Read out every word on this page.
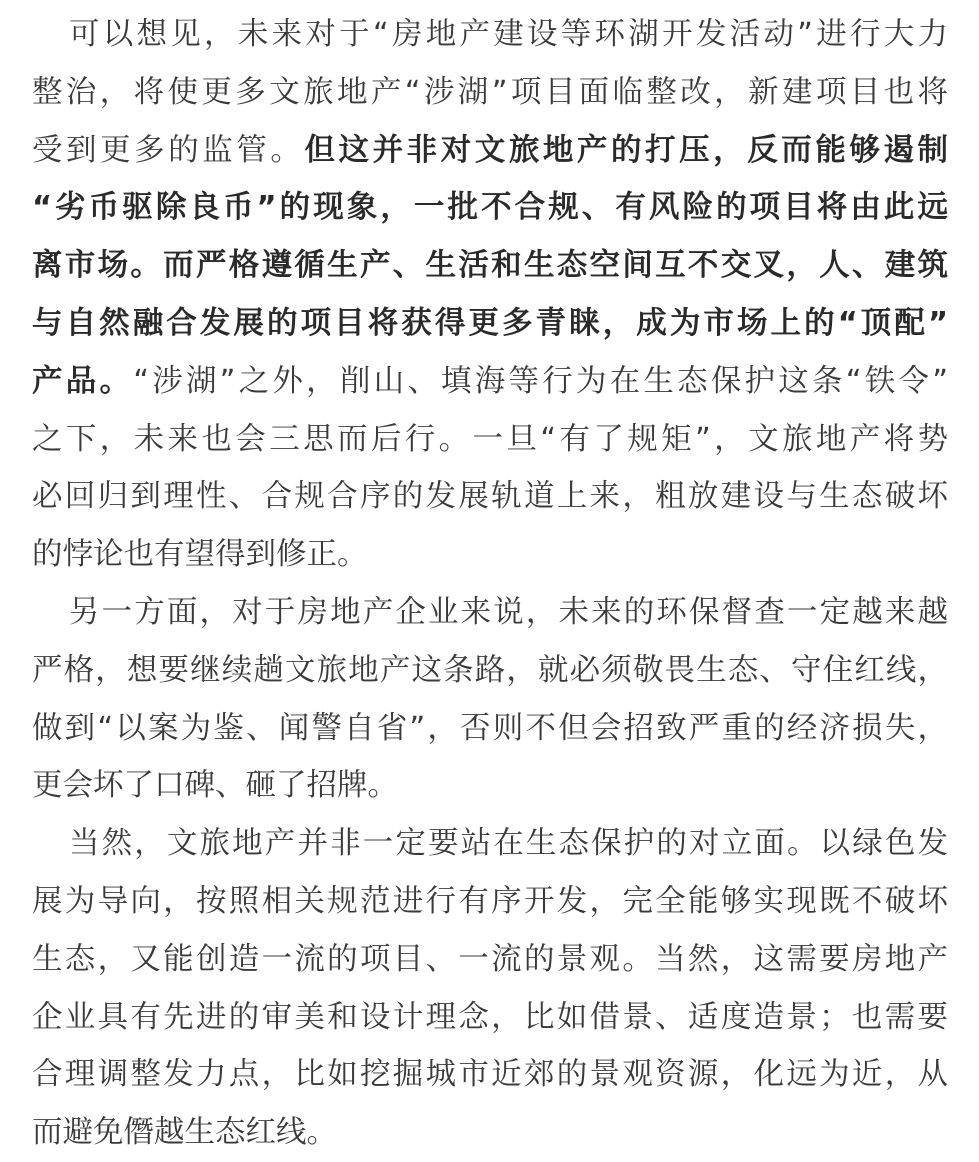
可以想见，未来对于“房地产建设等环湖开发活动”进行大力
整治，将使更多文旅地产“涉湖”项目面临整改，新建项目也将
受到更多的监管。但这并非对文旅地产的打压，反而能够遏制
“劣币驱除良币”的现象，一批不合规、有风险的项目将由此远
离市场。而严格遵循生产、生活和生态空间互不交叉，人、建筑
与自然融合发展的项目将获得更多青睐，成为市场上的“顶配”
产品。“涉湖”之外，削山、填海等行为在生态保护这条“铁令”
之下，未来也会三思而后行。一旦“有了规矩”，文旅地产将势
必回归到理性、合规合序的发展轨道上来，粗放建设与生态破坏
的悖论也有望得到修正。
另一方面，对于房地产企业来说，未来的环保督查一定越来越
严格，想要继续趟文旅地产这条路，就必须敬畏生态、守住红线，
做到“以案为鉴、闻警自省”，否则不但会招致严重的经济损失，
更会坏了口碑、砸了招牌。
当然，文旅地产并非一定要站在生态保护的对立面。以绿色发
展为导向，按照相关规范进行有序开发，完全能够实现既不破坏
生态，又能创造一流的项目、一流的景观。当然，这需要房地产
企业具有先进的审美和设计理念，比如借景、适度造景；也需要
合理调整发力点，比如挖掘城市近郊的景观资源，化远为近，从
而避免僭越生态红线。
